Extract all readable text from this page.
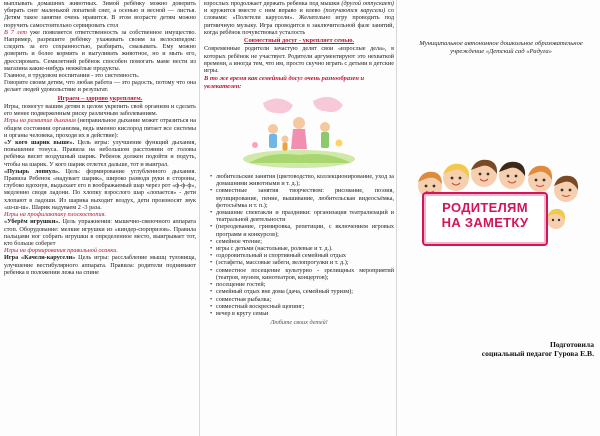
выплывать домашних животных. Зимой ребёнку можно доверить убирать снег маленькой лопаткой снег, а осенью и весной — листья. Детям такое занятие очень нравится. В этом возрасте детям можно поручить самостоятельно сервировать стол

В 7 лет уже появляется ответственность за собственное имущество. Например, разрешите ребёнку ухаживать своим за велосипедом: следить за его сохранностью, разбирать, смазывать. Ему можно доверить и более кормить и выгуливать животное, но и мыть его, дрессировать. Семилетний ребёнок способен помогать маме нести из магазина какие-нибудь неяжёлые продукты.

Главное, в трудовом воспитании - это системность.

Говорите своим детям, что любая работа — это радость, потому что она делает людей удовольствие и результат.

Играем – здорово укрепляем.

Игры, помогут вашим детям в целом укрепить свой организм и сделать его менее подверженным риску различным заболеваниям.

Игры на развитие дыхания (неправильное дыхание может отразиться на общем состоянии организма, ведь именно кислород питает все системы и органы человека, проходя их в действие):

«У кого шарик выше». Цель игры: улучшение функций дыхания, повышение тонуса. Правила на небольшом расстоянии от головы ребёнка висит воздушный шарик. Ребенок должен подойти и подуть, чтобы на шарик. У кого шарик отлетел дальше, тот и выиграл.

«Пузырь лопнул». Цель: формирование углубленного дыхания. Правила Ребенок «надувает шарик», широко разводя руки в стороны, глубоко вдохнув, выдыхает его в воображаемый шар через рот «ф-ф-ф», медленно сводя ладони. По хлопку взрослого шар «лопается» - дети хлопают в ладоши. Из шарика выходит воздух, дети произносят звук «ш-ш-ш». Шарик надуваем 2 -3 раза.

Игры на профилактику плоскостопия.

«Уберём игрушки». Цель упражнения: мышечно-связочного аппарата стоп. Оборудование: мелкие игрушки из «киндер-сюрпризов». Правила пальцами ног собрать игрушки в определенное место, выигрывает тот, кто больше соберет

Игры на формирования правильной осанки.

Игра «Качели-карусели» Цель игры: расслабление мышц туловища, улучшение вестибулярного аппарата. Правила: родители поднимают ребенка в положении лежа на спине

взрослых продолжает держать ребенка под мышки (другой отпускает) и кружится вместе с ним вправо и влево (получаются карусели) со словами: «Полетели карусели». Желательно игру проводить под ритмичную музыку. Игра проводится в заключительной фазе занятий, когда ребёнок почувствовал усталость

Совместный досуг - укрепляет семью.

Современные родители зачастую делят свои «взрослые дела», в которых ребёнок не участвует. Родители аргументируют это нехваткой времени, а иногда тем, что им, просто скучно играть с детьми в детские игры.

В то же время как семейный досуг очень разнообразен и увлекателен:

• любительские занятия (цветоводство, коллекционирование, уход за домашними животными и т. д.);
• совместные занятия творчеством: рисование, поэзия, музицирование, пение, вышивание, любительская видеосъёмка, фотосъёмка и т. п.);
• домашние спектакли и праздники: организация театрализаций и театральной деятельности
• (переодевание, гримировка, репетиции, с включением игровых программ и конкурсов);
• семейное чтение;
• игры с детьми (настольные, ролевые и т. д.).
• оздоровительный и спортивный семейный отдых
• (эстафеты, массовые забеги, велопрогулки и т. д.);
• совместное посещение культурно - зрелищных мероприятий (театров, музеев, кинотеатров, концертов);
• посещение гостей;
• семейный отдых вне дома (дача, семейный туризм);
• совместная рыбалка;
• совместный воскресный щопинг;
• вечер в кругу семьи

Любите своих детей!

Муниципальное автономное дошкольное образовательное учреждение «Детский сад «Радуга»
РОДИТЕЛЯМ
НА ЗАМЕТКУ
Подготовила
социальный педагог Гурова Е.В.
